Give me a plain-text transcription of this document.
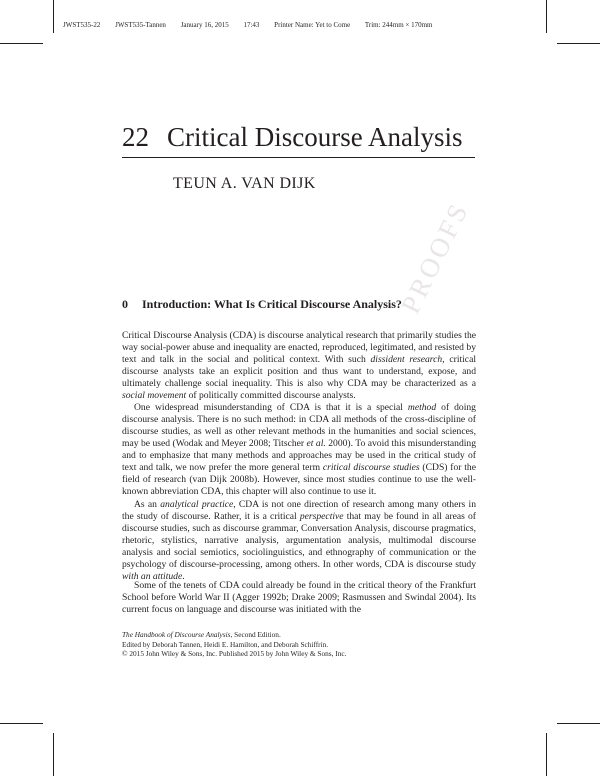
JWST535-22 JWST535-Tannen January 16, 2015 17:43 Printer Name: Yet to Come Trim: 244mm × 170mm
PROOFS
22 Critical Discourse Analysis
TEUN A. VAN DIJK
0 Introduction: What Is Critical Discourse Analysis?
Critical Discourse Analysis (CDA) is discourse analytical research that primarily studies the way social-power abuse and inequality are enacted, reproduced, legitimated, and resisted by text and talk in the social and political context. With such dissident research, critical discourse analysts take an explicit position and thus want to understand, expose, and ultimately challenge social inequality. This is also why CDA may be characterized as a social movement of politically committed discourse analysts.
One widespread misunderstanding of CDA is that it is a special method of doing discourse analysis. There is no such method: in CDA all methods of the cross-discipline of discourse studies, as well as other relevant methods in the humanities and social sciences, may be used (Wodak and Meyer 2008; Titscher et al. 2000). To avoid this misunderstanding and to emphasize that many methods and approaches may be used in the critical study of text and talk, we now prefer the more general term critical discourse studies (CDS) for the field of research (van Dijk 2008b). However, since most studies continue to use the well-known abbreviation CDA, this chapter will also continue to use it.
As an analytical practice, CDA is not one direction of research among many others in the study of discourse. Rather, it is a critical perspective that may be found in all areas of discourse studies, such as discourse grammar, Conversation Analysis, discourse pragmatics, rhetoric, stylistics, narrative analysis, argumentation analysis, multimodal discourse analysis and social semiotics, sociolinguistics, and ethnography of communication or the psychology of discourse-processing, among others. In other words, CDA is discourse study with an attitude.
Some of the tenets of CDA could already be found in the critical theory of the Frankfurt School before World War II (Agger 1992b; Drake 2009; Rasmussen and Swindal 2004). Its current focus on language and discourse was initiated with the
The Handbook of Discourse Analysis, Second Edition.
Edited by Deborah Tannen, Heidi E. Hamilton, and Deborah Schiffrin.
© 2015 John Wiley & Sons, Inc. Published 2015 by John Wiley & Sons, Inc.
